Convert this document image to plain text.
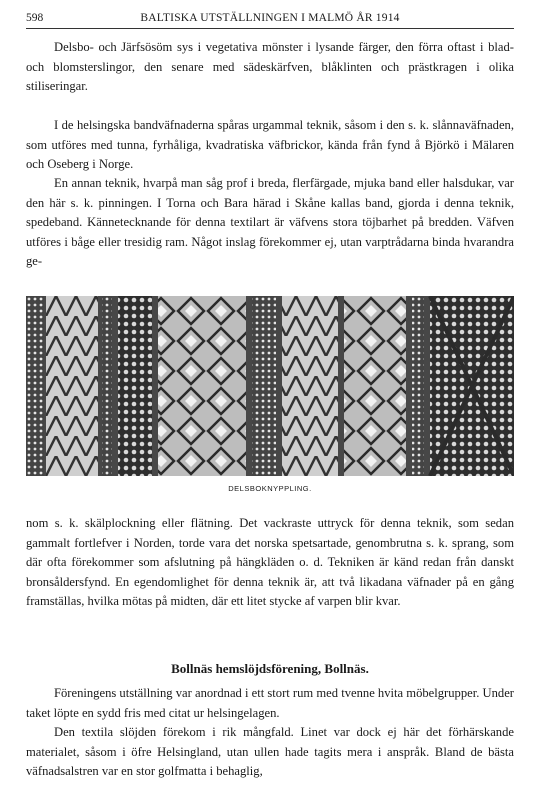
598	BALTISKA UTSTÄLLNINGEN I MALMÖ ÅR 1914

Delsbo- och Järfsösöm sys i vegetativa mönster i lysande färger, den förra oftast i blad- och blomsterslingor, den senare med sädeskärfven, blåklinten och prästkragen i olika stiliseringar.

I de helsingska bandväfnaderna spåras urgammal teknik, såsom i den s. k. slånnaväfnaden, som utföres med tunna, fyrhåliga, kvadratiska väfbrickor, kända från fynd å Björkö i Mälaren och Oseberg i Norge.

En annan teknik, hvarpå man såg prof i breda, flerfärgade, mjuka band eller halsdukar, var den här s. k. pinningen. I Torna och Bara härad i Skåne kallas band, gjorda i denna teknik, spedeband. Kännetecknande för denna textilart är väfvens stora töjbarhet på bredden. Väfven utföres i båge eller tresidig ram. Något inslag förekommer ej, utan varptrådarna binda hvarandra ge-

DELSBOKNYPPLING.

nom s. k. skälplockning eller flätning. Det vackraste uttryck för denna teknik, som sedan gammalt fortlefver i Norden, torde vara det norska spetsartade, genombrutna s. k. sprang, som där ofta förekommer som afslutning på hängkläden o. d. Tekniken är känd redan från danskt bronsåldersfynd. En egendomlighet för denna teknik är, att två likadana väfnader på en gång framställas, hvilka mötas på midten, där ett litet stycke af varpen blir kvar.

Bollnäs hemslöjdsförening, Bollnäs.

Föreningens utställning var anordnad i ett stort rum med tvenne hvita möbelgrupper. Under taket löpte en sydd fris med citat ur helsingelagen.

Den textila slöjden förekom i rik mångfald. Linet var dock ej här det förhärskande materialet, såsom i öfre Helsingland, utan ullen hade tagits mera i anspråk. Bland de bästa väfnadsalstren var en stor golfmatta i behaglig,
